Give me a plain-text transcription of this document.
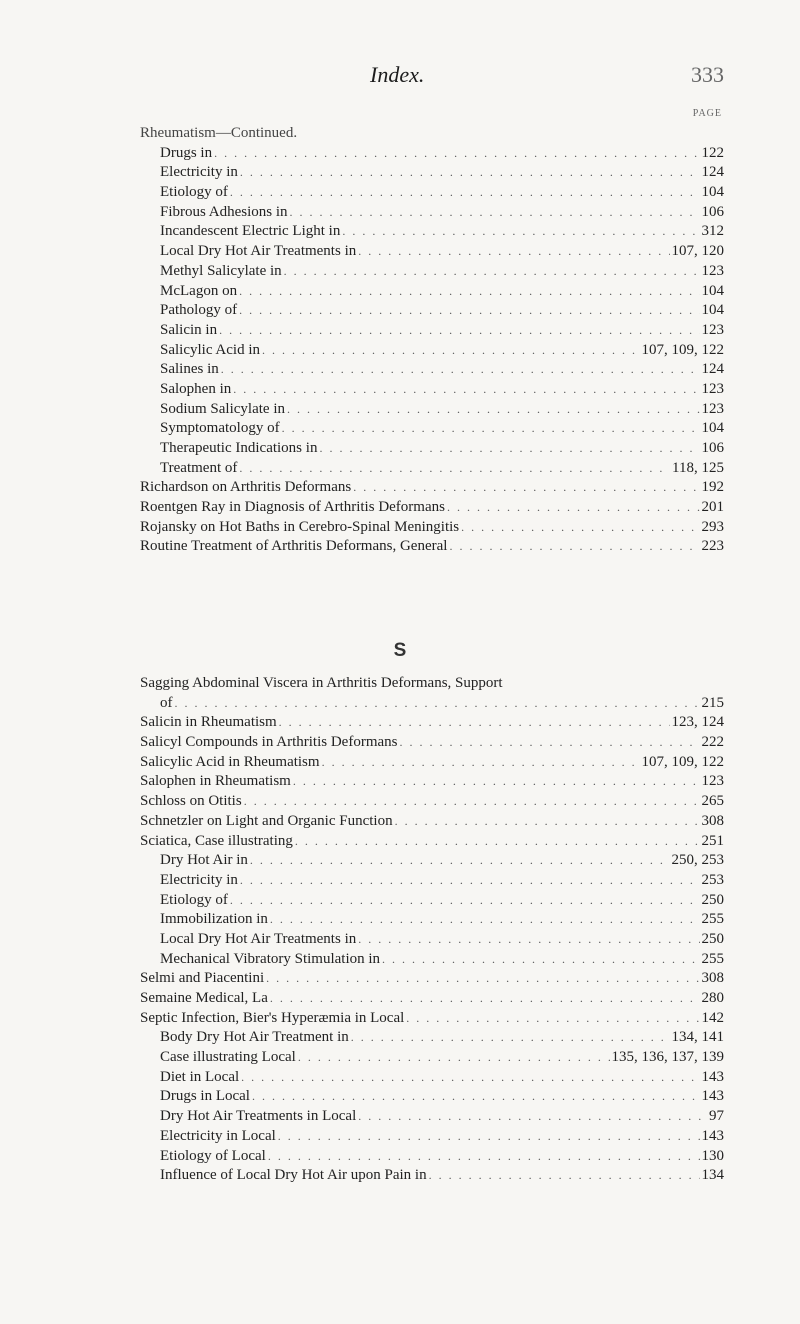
Index.	333
PAGE
Rheumatism—Continued.
Drugs in . . .	122
Electricity in . . .	124
Etiology of . . .	104
Fibrous Adhesions in . . .	106
Incandescent Electric Light in . . .	312
Local Dry Hot Air Treatments in . . .	107, 120
Methyl Salicylate in . . .	123
McLagon on . . .	104
Pathology of . . .	104
Salicin in . . .	123
Salicylic Acid in . . .	107, 109, 122
Salines in . . .	124
Salophen in . . .	123
Sodium Salicylate in . . .	123
Symptomatology of . . .	104
Therapeutic Indications in . . .	106
Treatment of . . .	118, 125
Richardson on Arthritis Deformans . . .	192
Roentgen Ray in Diagnosis of Arthritis Deformans . . .	201
Rojansky on Hot Baths in Cerebro-Spinal Meningitis . . .	293
Routine Treatment of Arthritis Deformans, General . . .	223
S
Sagging Abdominal Viscera in Arthritis Deformans, Support
of . . .	215
Salicin in Rheumatism . . .	123, 124
Salicyl Compounds in Arthritis Deformans . . .	222
Salicylic Acid in Rheumatism . . .	107, 109, 122
Salophen in Rheumatism . . .	123
Schloss on Otitis . . .	265
Schnetzler on Light and Organic Function . . .	308
Sciatica, Case illustrating . . .	251
Dry Hot Air in . . .	250, 253
Electricity in . . .	253
Etiology of . . .	250
Immobilization in . . .	255
Local Dry Hot Air Treatments in . . .	250
Mechanical Vibratory Stimulation in . . .	255
Selmi and Piacentini . . .	308
Semaine Medical, La . . .	280
Septic Infection, Bier's Hyperæmia in Local . . .	142
Body Dry Hot Air Treatment in . . .	134, 141
Case illustrating Local . . .	135, 136, 137, 139
Diet in Local . . .	143
Drugs in Local . . .	143
Dry Hot Air Treatments in Local . . .	97
Electricity in Local . . .	143
Etiology of Local . . .	130
Influence of Local Dry Hot Air upon Pain in . . .	134
